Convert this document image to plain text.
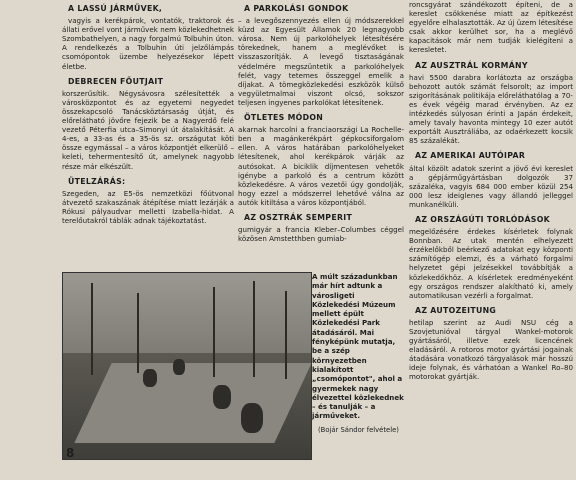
A LASSÚ JÁRMŰVEK,
vagyis a kerékpárok, vontatók, traktorok és állati erővel vont járművek nem közlekedhetnek Szombathelyen, a nagy forgalmú Tolbuhin úton. A rendelkezés a Tolbuhin úti jelzőlámpás csomópontok üzembe helyezésekor lépett életbe.
DEBRECEN FŐUTJAIT
korszerűsítik. Négysávosra szélesítették a városközpontot és az egyetemi negyedet összekapcsoló Tanácsköztársaság útját, és előrelátható jövőre fejezik be a Nagyerdő felé vezető Péterfia utca–Simonyi út átalakítását. A 4-es, a 33-as és a 35-ös sz. országutat köti össze egymással – a város központjét elkerülő – keleti, tehermentesítő út, amelynek nagyobb része már elkészült.
ÜTELZÁRÁS:
Szegeden, az E5-ös nemzetközi főútvonal átvezető szakaszának átépítése miatt lezárják a Rókusi pályaudvar melletti Izabella-hidat. A terelőutakról táblák adnak tájékoztatást.
A PARKOLÁSI GONDOK
– a levegőszennyezés ellen új módszerekkel küzd az Egyesült Államok 20 legnagyobb városa. Nem új parkolóhelyek létesítésére törekednek, hanem a meglévőket is visszaszorítják. A levegő tisztaságának védelmére megszüntetik a parkolóhelyek felét, vagy tetemes összeggel emelik a díjakat. A tömegközlekedési eszközök külső vegyületmalmai viszont olcsó, sokszor teljesen ingyenes parkolókat létesítenek.
ÖTLETES MÓDON
akarnak harcolni a franciaországi La Rochelle-ben a magánkerékpárt gépkocsiforgalom ellen. A város határában parkolóhelyeket létesítenek, ahol kerékpárok várják az autósokat. A biciklik díjmentesen vehetők igénybe a parkoló és a centrum között közlekedésre. A város vezetői úgy gondolják, hogy ezzel a módszerrel lehetővé válna az autók kitiltása a város központjából.
AZ OSZTRÁK SEMPERIT
gumigyár a francia Kleber–Columbes céggel közösen Amstetthben gumiab-
roncsgyárat szándékozott építeni, de a kereslet csökkenése miatt az építkezést egyelőre elhalasztották. Az új üzem létesítése csak akkor kerülhet sor, ha a meglévő kapacitások már nem tudják kielégíteni a keresletet.
AZ AUSZTRÁL KORMÁNY
havi 5500 darabra korlátozta az országba behozott autók számát felsorolt; az import szigorításának politikája előreláthatólag a 70-es évek végéig marad érvényben. Az ez intézkedés súlyosan érinti a Japán érdekeit, amely tavaly havonta mintegy 10 ezer autót exportált Ausztráliába, az odaérkezett kocsik 85 százalékát.
AZ AMERIKAI AUTÓIPAR
által közölt adatok szerint a jövő évi kereslet a gépjárműgyártásban dolgozók 37 százaléka, vagyis 684 000 ember közül 254 000 lesz ideiglenes vagy állandó jelleggel munkanélküli.
AZ ORSZÁGÚTI TORLÓDÁSOK
megelőzésére érdekes kísérletek folynak Bonnban. Az utak mentén elhelyezett érzékelőkből beérkező adatokat egy központi számítógép elemzi, és a várható forgalmi helyzetet gépi jelzésekkel továbbítják a közlekedőkhöz. A kísérletek eredményeként egy országos rendszer alakítható ki, amely automatikusan vezérli a forgalmat.
AZ AUTOZEITUNG
hetilap szerint az Audi NSU cég a Szovjetunióval tárgyal Wankel-motorok gyártásáról, illetve ezek licencének eladásáról. A rotoros motor gyártási jogainak átadására vonatkozó tárgyalások már hosszú ideje folynak, és várhatóan a Wankel Ro–80 motorokat gyártják.
A múlt századunkban már hírt adtunk a városligeti Közlekedési Múzeum mellett épült Közlekedési Park átadásáról. Mai fényképünk mutatja, be a szép környezetben kialakított „csomópontot", ahol a gyermekek nagy élvezettel közlekednek – és tanulják – a járműveket.
(Bojár Sándor felvétele)
8
